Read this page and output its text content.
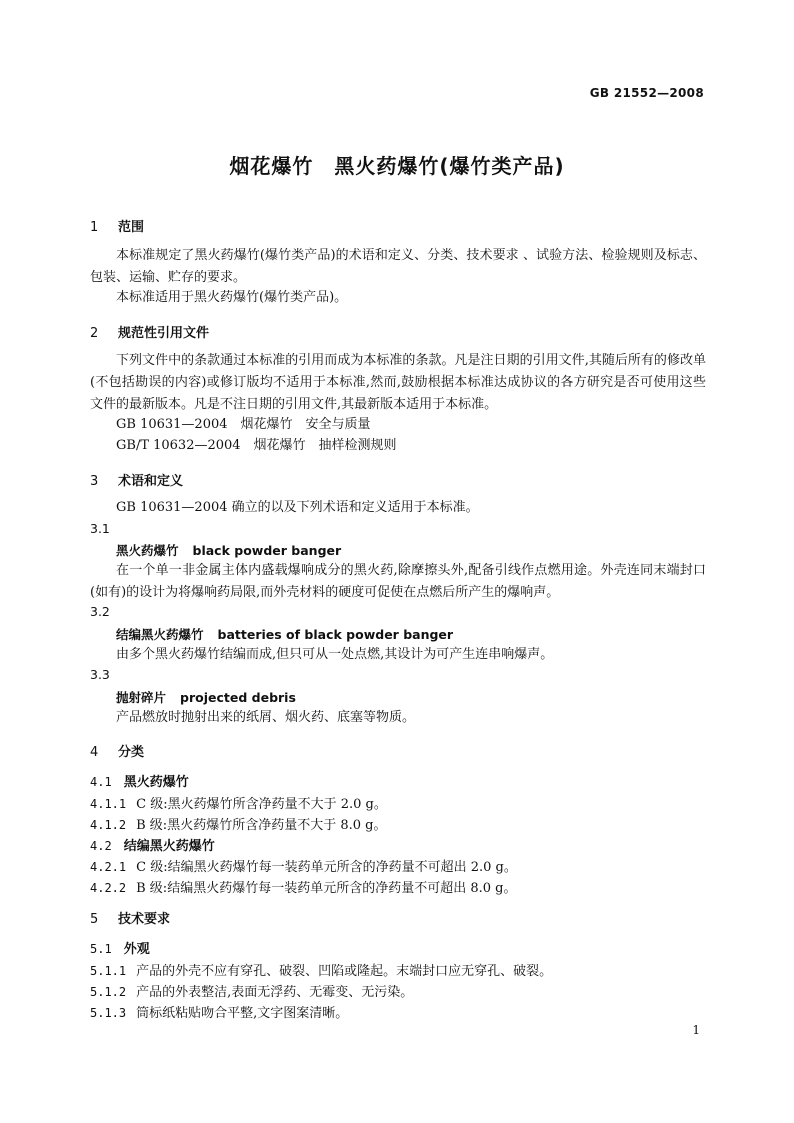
GB 21552—2008
烟花爆竹　黑火药爆竹(爆竹类产品)
1 范围
本标准规定了黑火药爆竹(爆竹类产品)的术语和定义、分类、技术要求 、试验方法、检验规则及标志、包装、运输、贮存的要求。
本标准适用于黑火药爆竹(爆竹类产品)。
2 规范性引用文件
下列文件中的条款通过本标准的引用而成为本标准的条款。凡是注日期的引用文件,其随后所有的修改单(不包括勘误的内容)或修订版均不适用于本标准,然而,鼓励根据本标准达成协议的各方研究是否可使用这些文件的最新版本。凡是不注日期的引用文件,其最新版本适用于本标准。
GB 10631—2004　烟花爆竹　安全与质量
GB/T 10632—2004　烟花爆竹　抽样检测规则
3 术语和定义
GB 10631—2004 确立的以及下列术语和定义适用于本标准。
3.1
黑火药爆竹 black powder banger
在一个单一非金属主体内盛载爆响成分的黑火药,除摩擦头外,配备引线作点燃用途。外壳连同末端封口(如有)的设计为将爆响药局限,而外壳材料的硬度可促使在点燃后所产生的爆响声。
3.2
结编黑火药爆竹 batteries of black powder banger
由多个黑火药爆竹结编而成,但只可从一处点燃,其设计为可产生连串响爆声。
3.3
抛射碎片 projected debris
产品燃放时抛射出来的纸屑、烟火药、底塞等物质。
4 分类
4.1 黑火药爆竹
4.1.1 C 级:黑火药爆竹所含净药量不大于 2.0 g。
4.1.2 B 级:黑火药爆竹所含净药量不大于 8.0 g。
4.2 结编黑火药爆竹
4.2.1 C 级:结编黑火药爆竹每一装药单元所含的净药量不可超出 2.0 g。
4.2.2 B 级:结编黑火药爆竹每一装药单元所含的净药量不可超出 8.0 g。
5 技术要求
5.1 外观
5.1.1 产品的外壳不应有穿孔、破裂、凹陷或隆起。末端封口应无穿孔、破裂。
5.1.2 产品的外表整洁,表面无浮药、无霉变、无污染。
5.1.3 筒标纸粘贴吻合平整,文字图案清晰。
1
